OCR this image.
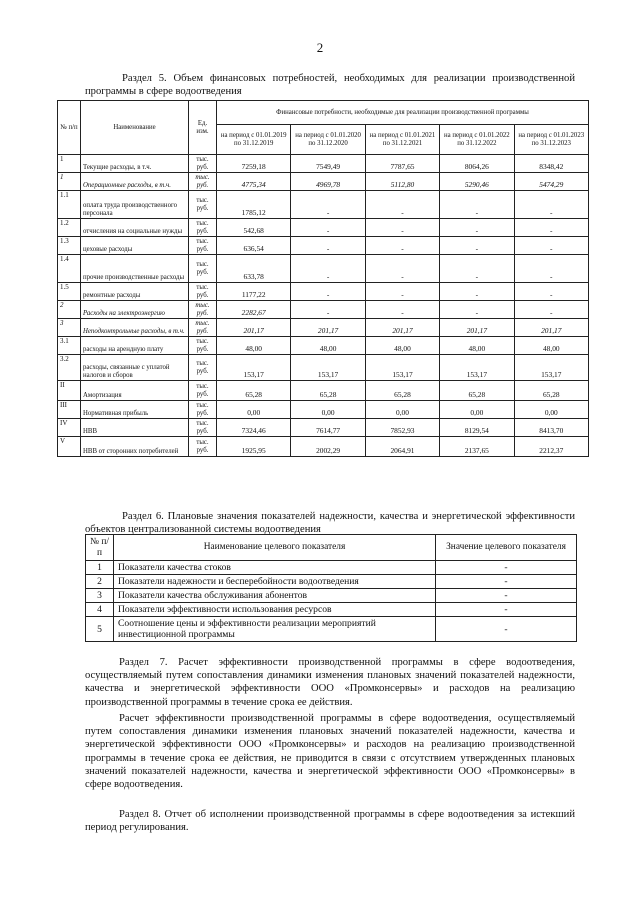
2
Раздел 5. Объем финансовых потребностей, необходимых для реализации производственной программы в сфере водоотведения
№ п/п	Наименование	Ед. изм.	Финансовые потребности, необходимые для реализации производственной программы				
			на период с 01.01.2019 по 31.12.2019	на период с 01.01.2020 по 31.12.2020	на период с 01.01.2021 по 31.12.2021	на период с 01.01.2022 по 31.12.2022	на период с 01.01.2023 по 31.12.2023
1	Текущие расходы, в т.ч.	тыс. руб.	7259,18	7549,49	7787,65	8064,26	8348,42
1	Операционные расходы, в т.ч.	тыс. руб.	4775,34	4969,78	5112,80	5290,46	5474,29
1.1	оплата труда производственного персонала	тыс. руб.	1785,12	-	-	-	-
1.2	отчисления на социальные нужды	тыс. руб.	542,68	-	-	-	-
1.3	цеховые расходы	тыс. руб.	636,54	-	-	-	-
1.4	прочие производственные расходы	тыс. руб.	633,78	-	-	-	-
1.5	ремонтные расходы	тыс. руб.	1177,22	-	-	-	-
2	Расходы на электроэнергию	тыс. руб.	2282,67	-	-	-	-
3	Неподконтрольные расходы, в т.ч.	тыс. руб.	201,17	201,17	201,17	201,17	201,17
3.1	расходы на арендную плату	тыс. руб.	48,00	48,00	48,00	48,00	48,00
3.2	расходы, связанные с уплатой налогов и сборов	тыс. руб.	153,17	153,17	153,17	153,17	153,17
II	Амортизация	тыс. руб.	65,28	65,28	65,28	65,28	65,28
III	Нормативная прибыль	тыс. руб.	0,00	0,00	0,00	0,00	0,00
IV	НВВ	тыс. руб.	7324,46	7614,77	7852,93	8129,54	8413,70
V	НВВ от сторонних потребителей	тыс. руб.	1925,95	2002,29	2064,91	2137,65	2212,37
Раздел 6. Плановые значения показателей надежности, качества и энергетической эффективности объектов централизованной системы водоотведения
№ п/п	Наименование целевого показателя	Значение целевого показателя
1	Показатели качества стоков	-
2	Показатели надежности и бесперебойности водоотведения	-
3	Показатели качества обслуживания абонентов	-
4	Показатели эффективности использования ресурсов	-
5	Соотношение цены и эффективности реализации мероприятий инвестиционной программы	-

Раздел 7. Расчет эффективности производственной программы в сфере водоотведения, осуществляемый путем сопоставления динамики изменения плановых значений показателей надежности, качества и энергетической эффективности ООО «Промконсервы» и расходов на реализацию производственной программы в течение срока ее действия.

Расчет эффективности производственной программы в сфере водоотведения, осуществляемый путем сопоставления динамики изменения плановых значений показателей надежности, качества и энергетической эффективности ООО «Промконсервы» и расходов на реализацию производственной программы в течение срока ее действия, не приводится в связи с отсутствием утвержденных плановых значений показателей надежности, качества и энергетической эффективности ООО «Промконсервы» в сфере водоотведения.

Раздел 8. Отчет об исполнении производственной программы в сфере водоотведения за истекший период регулирования.
